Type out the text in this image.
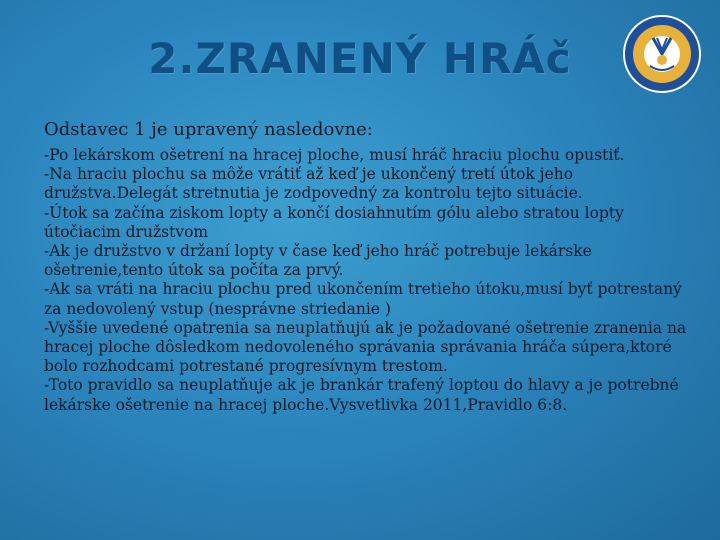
2.ZRANENÝ HRÁč

Odstavec 1 je upravený nasledovne:

-Po lekárskom ošetrení na hracej ploche, musí hráč hraciu plochu opustiť.

-Na hraciu plochu sa môže vrátiť až keď je ukončený tretí útok jeho družstva.Delegát stretnutia je zodpovedný za kontrolu tejto situácie.

-Útok sa začína ziskom lopty a končí dosiahnutím gólu alebo stratou lopty útočiacim družstvom

-Ak je družstvo v držaní lopty v čase keď jeho hráč potrebuje lekárske ošetrenie,tento útok sa počíta za prvý.

-Ak sa vráti na hraciu plochu pred ukončením tretieho útoku,musí byť potrestaný za nedovolený vstup (nesprávne striedanie )

-Vyššie uvedené opatrenia sa neuplatňujú ak je požadované ošetrenie zranenia na hracej ploche dôsledkom nedovoleného správania správania hráča súpera,ktoré bolo rozhodcami potrestané progresívnym trestom.

-Toto pravidlo sa neuplatňuje ak je brankár trafený loptou do hlavy a je potrebné lekárske ošetrenie na hracej ploche.Vysvetlivka 2011,Pravidlo 6:8.
